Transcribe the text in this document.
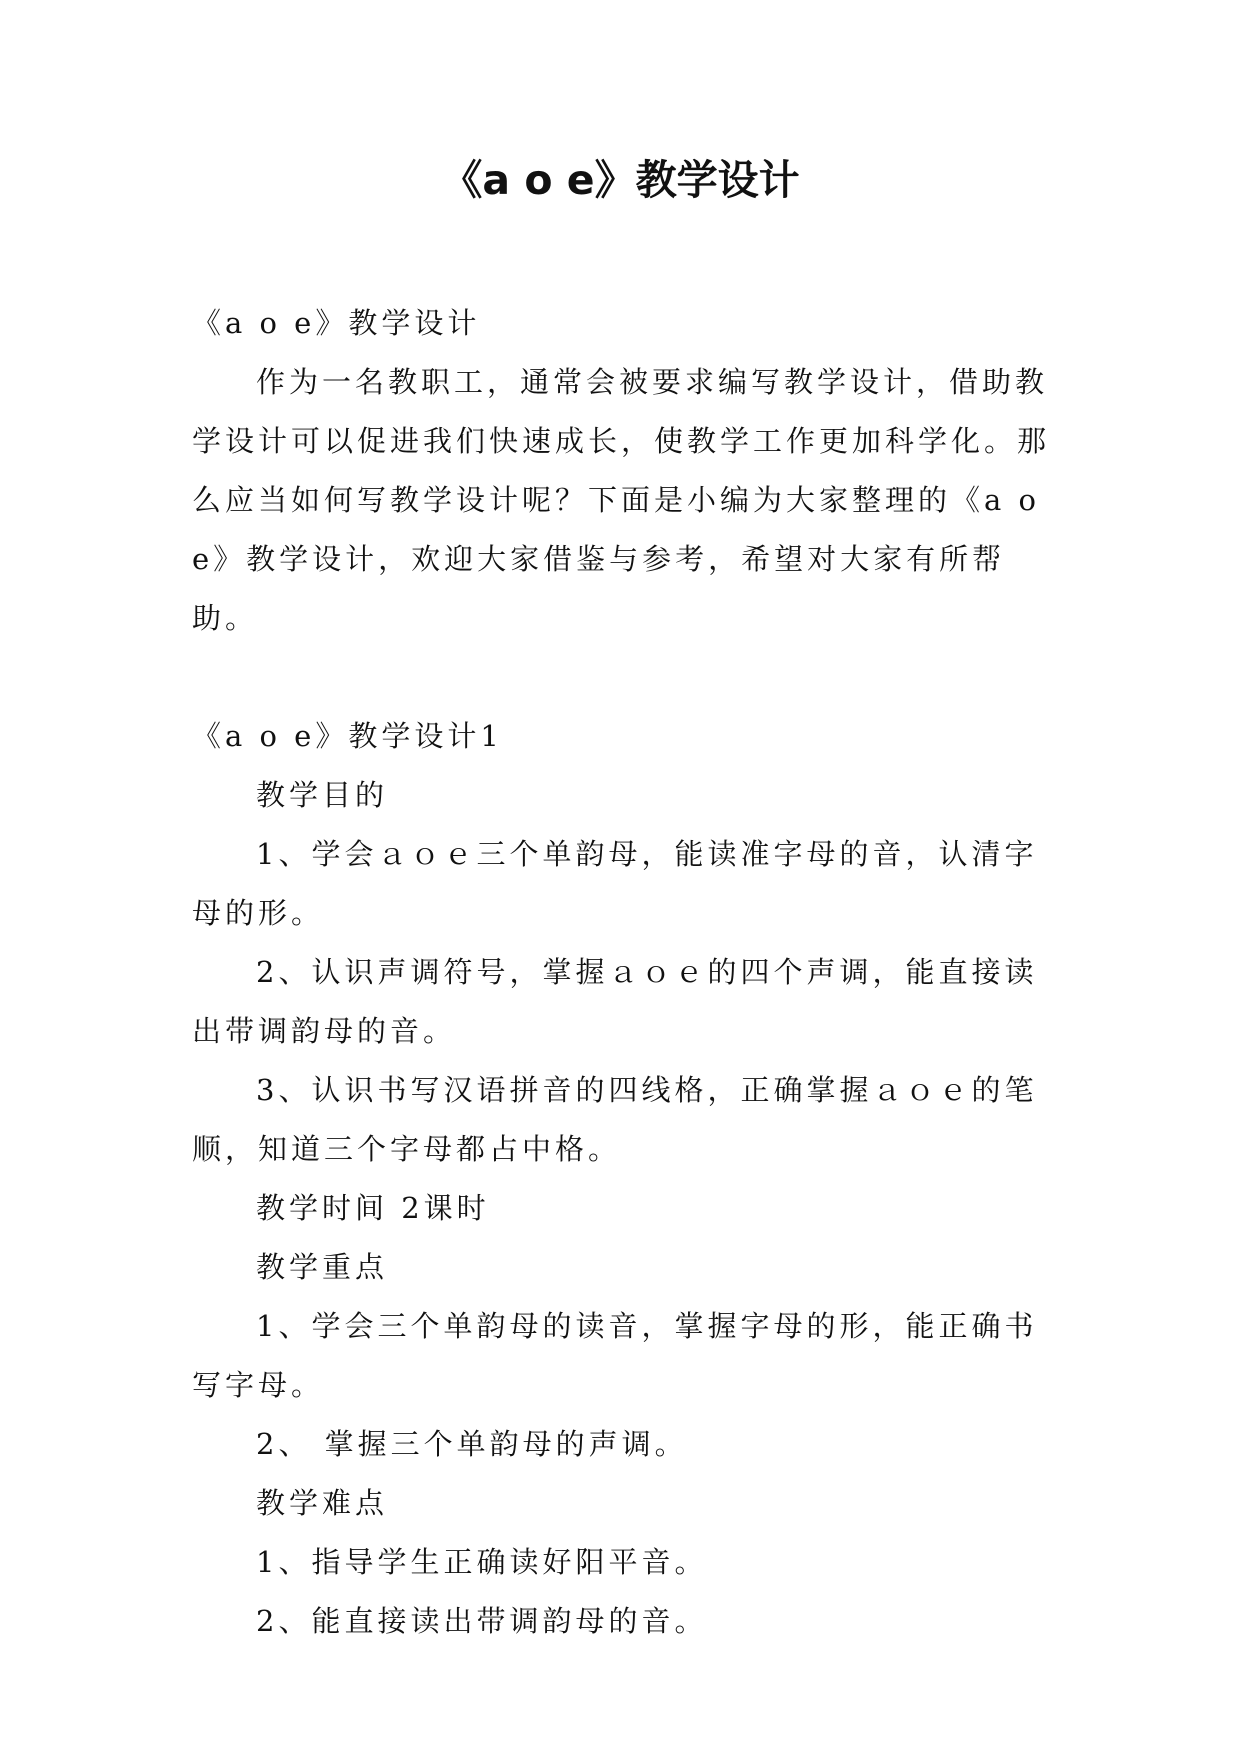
《a o e》教学设计

《a o e》教学设计

作为一名教职工，通常会被要求编写教学设计，借助教学设计可以促进我们快速成长，使教学工作更加科学化。那么应当如何写教学设计呢？下面是小编为大家整理的《a o e》教学设计，欢迎大家借鉴与参考，希望对大家有所帮助。

《a o e》教学设计1

教学目的

1、学会ａｏｅ三个单韵母，能读准字母的音，认清字母的形。

2、认识声调符号，掌握ａｏｅ的四个声调，能直接读出带调韵母的音。

3、认识书写汉语拼音的四线格，正确掌握ａｏｅ的笔顺，知道三个字母都占中格。

教学时间 2课时

教学重点

1、学会三个单韵母的读音，掌握字母的形，能正确书写字母。

2、 掌握三个单韵母的声调。

教学难点

1、指导学生正确读好阳平音。

2、能直接读出带调韵母的音。
